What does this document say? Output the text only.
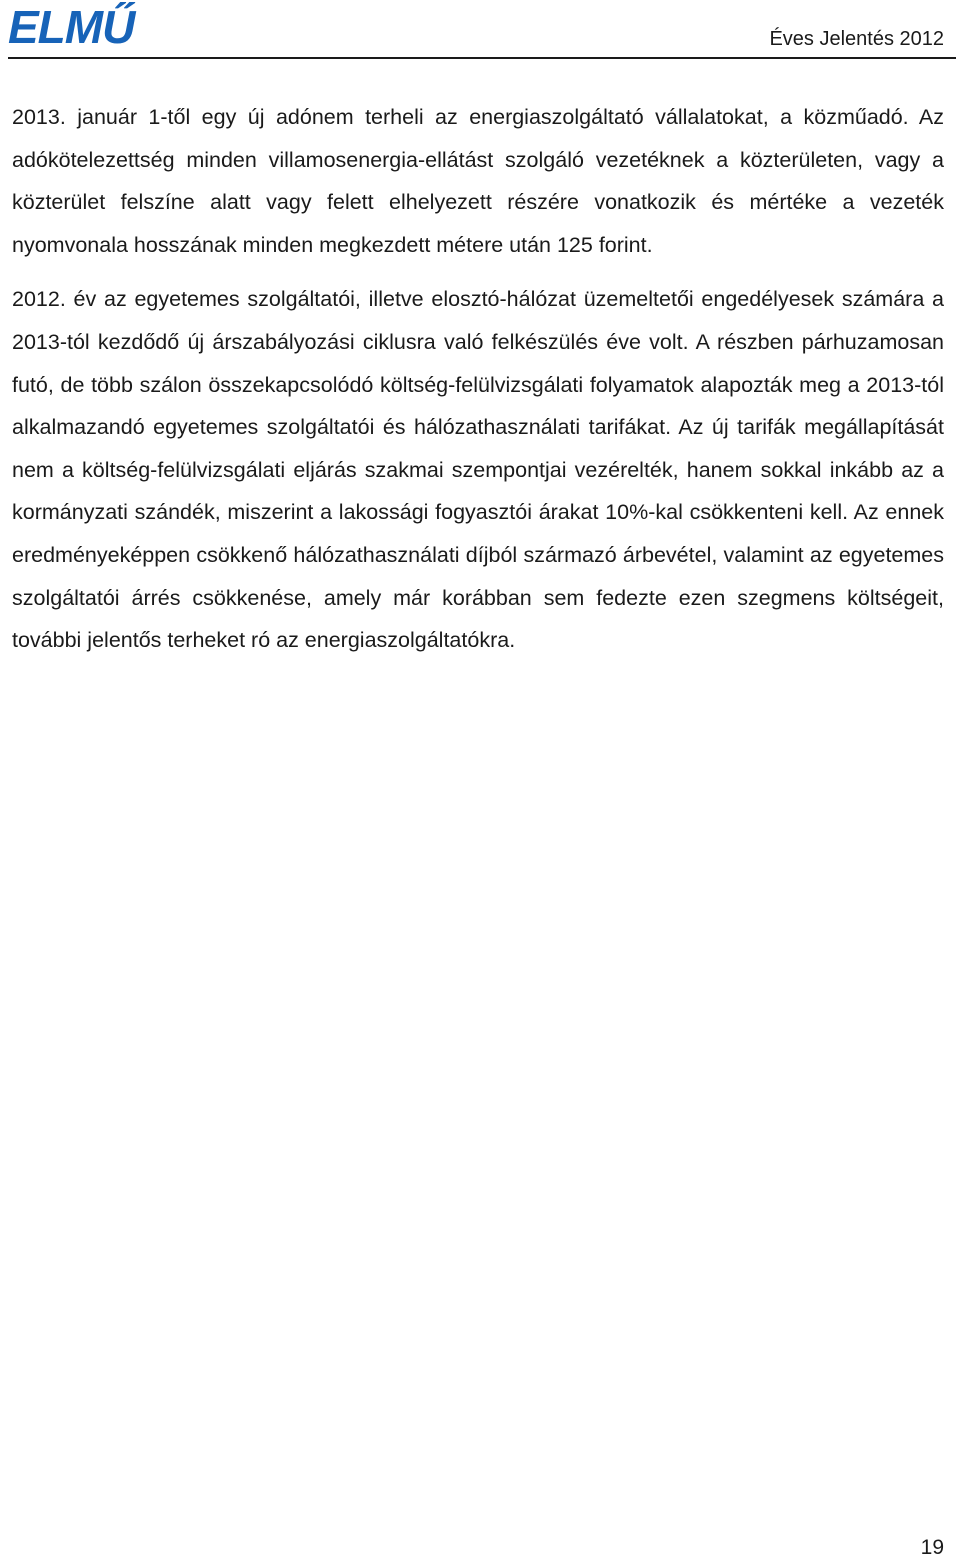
ELMŰ	Éves Jelentés 2012

2013. január 1-től egy új adónem terheli az energiaszolgáltató vállalatokat, a közműadó. Az adókötelezettség minden villamosenergia-ellátást szolgáló vezetéknek a közterületen, vagy a közterület felszíne alatt vagy felett elhelyezett részére vonatkozik és mértéke a vezeték nyomvonala hosszának minden megkezdett métere után 125 forint.

2012. év az egyetemes szolgáltatói, illetve elosztó-hálózat üzemeltetői engedélyesek számára a 2013-tól kezdődő új árszabályozási ciklusra való felkészülés éve volt. A részben párhuzamosan futó, de több szálon összekapcsolódó költség-felülvizsgálati folyamatok alapozták meg a 2013-tól alkalmazandó egyetemes szolgáltatói és hálózathasználati tarifákat. Az új tarifák megállapítását nem a költség-felülvizsgálati eljárás szakmai szempontjai vezérelték, hanem sokkal inkább az a kormányzati szándék, miszerint a lakossági fogyasztói árakat 10%-kal csökkenteni kell. Az ennek eredményeképpen csökkenő hálózathasználati díjból származó árbevétel, valamint az egyetemes szolgáltatói árrés csökkenése, amely már korábban sem fedezte ezen szegmens költségeit, további jelentős terheket ró az energiaszolgáltatókra.

19
